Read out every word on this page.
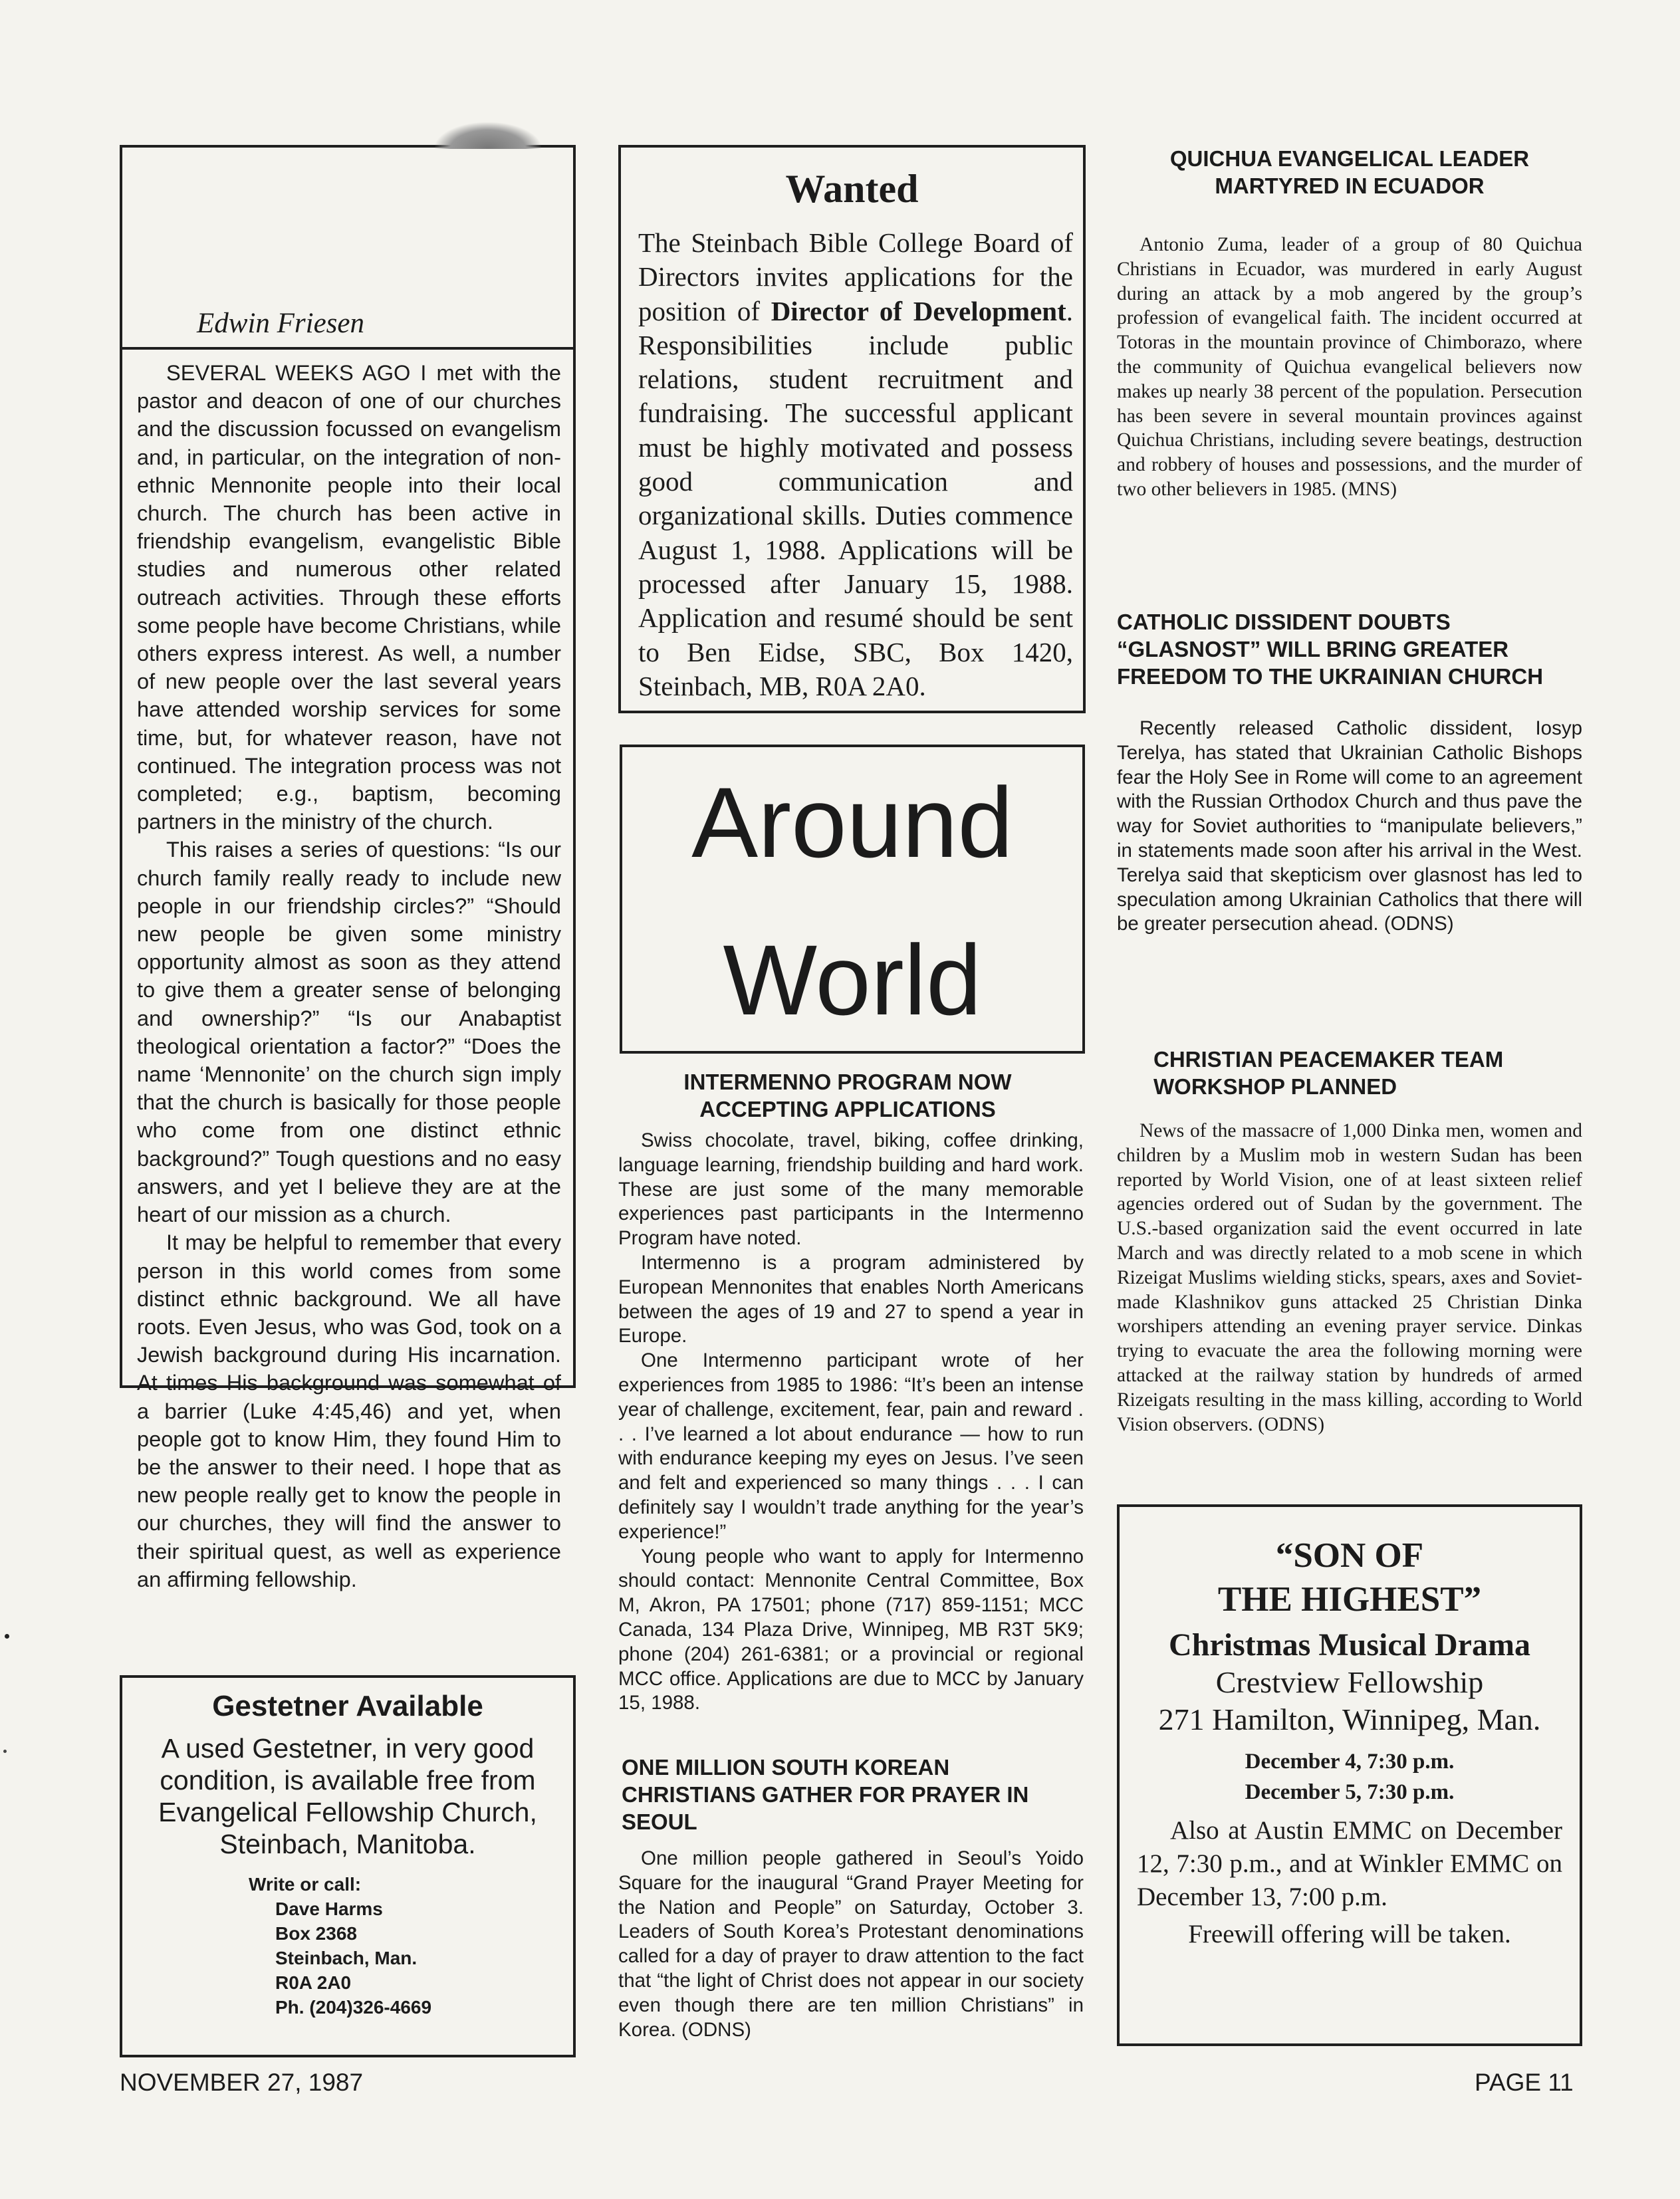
Edwin Friesen

SEVERAL WEEKS AGO I met with the pastor and deacon of one of our churches and the discussion focussed on evangelism and, in particular, on the integration of non-ethnic Mennonite people into their local church. The church has been active in friendship evangelism, evangelistic Bible studies and numerous other related outreach activities. Through these efforts some people have become Christians, while others express interest. As well, a number of new people over the last several years have attended worship services for some time, but, for whatever reason, have not continued. The integration process was not completed; e.g., baptism, becoming partners in the ministry of the church.

This raises a series of questions: “Is our church family really ready to include new people in our friendship circles?” “Should new people be given some ministry opportunity almost as soon as they attend to give them a greater sense of belonging and ownership?” “Is our Anabaptist theological orientation a factor?” “Does the name ‘Mennonite’ on the church sign imply that the church is basically for those people who come from one distinct ethnic background?” Tough questions and no easy answers, and yet I believe they are at the heart of our mission as a church.

It may be helpful to remember that every person in this world comes from some distinct ethnic background. We all have roots. Even Jesus, who was God, took on a Jewish background during His incarnation. At times His background was somewhat of a barrier (Luke 4:45,46) and yet, when people got to know Him, they found Him to be the answer to their need. I hope that as new people really get to know the people in our churches, they will find the answer to their spiritual quest, as well as experience an affirming fellowship.

Gestetner Available
A used Gestetner, in very good condition, is available free from Evangelical Fellowship Church, Steinbach, Manitoba.
Write or call:
Dave Harms
Box 2368
Steinbach, Man.
R0A 2A0
Ph. (204)326-4669
Wanted
The Steinbach Bible College Board of Directors invites applications for the position of Director of Development. Responsibilities include public relations, student recruitment and fundraising. The successful applicant must be highly motivated and possess good communication and organizational skills. Duties commence August 1, 1988. Applications will be processed after January 15, 1988. Application and resumé should be sent to Ben Eidse, SBC, Box 1420, Steinbach, MB, R0A 2A0.
Around
World
INTERMENNO PROGRAM NOW ACCEPTING APPLICATIONS

Swiss chocolate, travel, biking, coffee drinking, language learning, friendship building and hard work. These are just some of the many memorable experiences past participants in the Intermenno Program have noted.

Intermenno is a program administered by European Mennonites that enables North Americans between the ages of 19 and 27 to spend a year in Europe.

One Intermenno participant wrote of her experiences from 1985 to 1986: “It’s been an intense year of challenge, excitement, fear, pain and reward . . . I’ve learned a lot about endurance — how to run with endurance keeping my eyes on Jesus. I’ve seen and felt and experienced so many things . . . I can definitely say I wouldn’t trade anything for the year’s experience!”

Young people who want to apply for Intermenno should contact: Mennonite Central Committee, Box M, Akron, PA 17501; phone (717) 859-1151; MCC Canada, 134 Plaza Drive, Winnipeg, MB R3T 5K9; phone (204) 261-6381; or a provincial or regional MCC office. Applications are due to MCC by January 15, 1988.

ONE MILLION SOUTH KOREAN CHRISTIANS GATHER FOR PRAYER IN SEOUL

One million people gathered in Seoul’s Yoido Square for the inaugural “Grand Prayer Meeting for the Nation and People” on Saturday, October 3. Leaders of South Korea’s Protestant denominations called for a day of prayer to draw attention to the fact that “the light of Christ does not appear in our society even though there are ten million Christians” in Korea. (ODNS)

QUICHUA EVANGELICAL LEADER MARTYRED IN ECUADOR

Antonio Zuma, leader of a group of 80 Quichua Christians in Ecuador, was murdered in early August during an attack by a mob angered by the group’s profession of evangelical faith. The incident occurred at Totoras in the mountain province of Chimborazo, where the community of Quichua evangelical believers now makes up nearly 38 percent of the population. Persecution has been severe in several mountain provinces against Quichua Christians, including severe beatings, destruction and robbery of houses and possessions, and the murder of two other believers in 1985. (MNS)

CATHOLIC DISSIDENT DOUBTS “GLASNOST” WILL BRING GREATER FREEDOM TO THE UKRAINIAN CHURCH

Recently released Catholic dissident, Iosyp Terelya, has stated that Ukrainian Catholic Bishops fear the Holy See in Rome will come to an agreement with the Russian Orthodox Church and thus pave the way for Soviet authorities to “manipulate believers,” in statements made soon after his arrival in the West. Terelya said that skepticism over glasnost has led to speculation among Ukrainian Catholics that there will be greater persecution ahead. (ODNS)

CHRISTIAN PEACEMAKER TEAM WORKSHOP PLANNED

News of the massacre of 1,000 Dinka men, women and children by a Muslim mob in western Sudan has been reported by World Vision, one of at least sixteen relief agencies ordered out of Sudan by the government. The U.S.-based organization said the event occurred in late March and was directly related to a mob scene in which Rizeigat Muslims wielding sticks, spears, axes and Soviet-made Klashnikov guns attacked 25 Christian Dinka worshipers attending an evening prayer service. Dinkas trying to evacuate the area the following morning were attacked at the railway station by hundreds of armed Rizeigats resulting in the mass killing, according to World Vision observers. (ODNS)

“SON OF
THE HIGHEST”
Christmas Musical Drama
Crestview Fellowship
271 Hamilton, Winnipeg, Man.
December 4, 7:30 p.m.
December 5, 7:30 p.m.
Also at Austin EMMC on December 12, 7:30 p.m., and at Winkler EMMC on December 13, 7:00 p.m.
Freewill offering will be taken.
NOVEMBER 27, 1987	PAGE 11
